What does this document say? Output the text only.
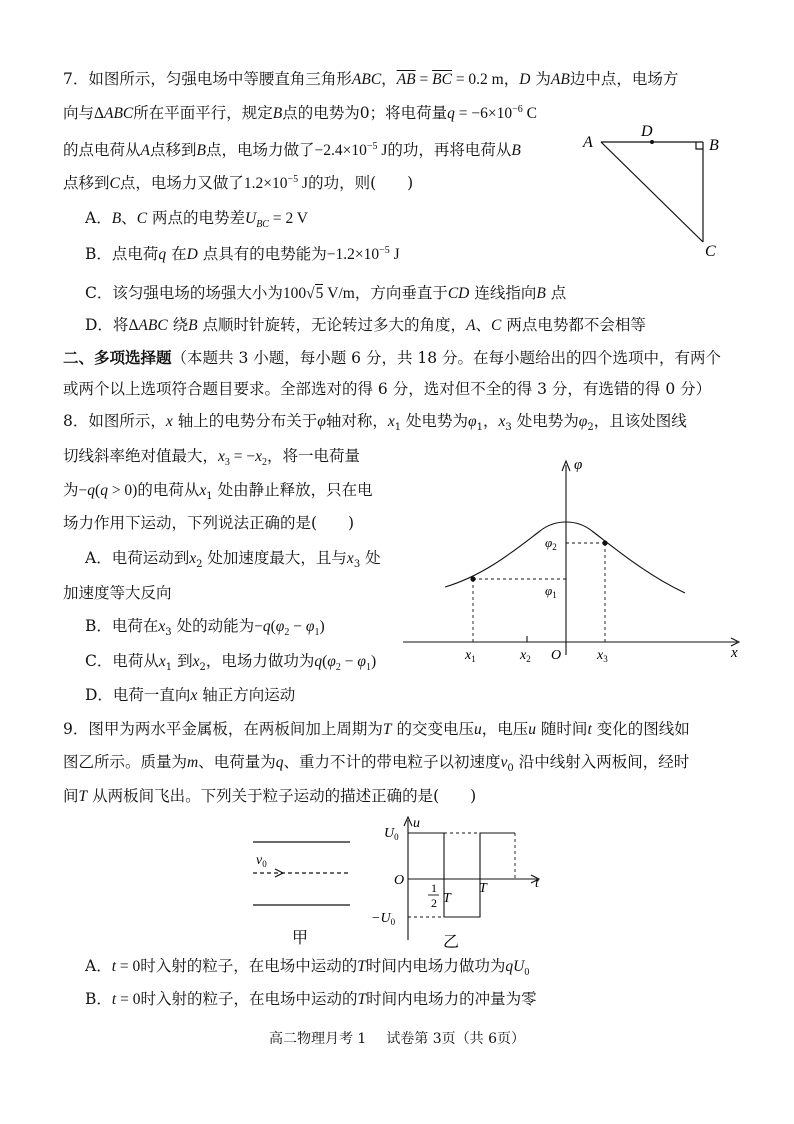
7．如图所示，匀强电场中等腰直角三角形ABC，$\overline{AB} = \overline{BC} = 0.2$ m，D 为AB边中点，电场方
向与ΔABC所在平面平行，规定B点的电势为0；将电荷量$q = -6\times 10^{-6}$ C
的点电荷从A点移到B点，电场力做了$-2.4\times 10^{-5}$ J的功，再将电荷从B
点移到C点，电场力又做了$1.2\times 10^{-5}$ J的功，则(　　)
A．B、C 两点的电势差$U_{BC} = 2$ V
B．点电荷q 在D 点具有的电势能为$-1.2\times 10^{-5}$ J
C．该匀强电场的场强大小为100√5 V/m，方向垂直于CD 连线指向B 点
D．将ΔABC 绕B 点顺时针旋转，无论转过多大的角度，A、C 两点电势都不会相等
A
D
B
C
二、多项选择题（本题共 3 小题，每小题 6 分，共 18 分。在每小题给出的四个选项中，有两个
或两个以上选项符合题目要求。全部选对的得 6 分，选对但不全的得 3 分，有选错的得 0 分）
8．如图所示，x 轴上的电势分布关于φ轴对称，$x_1$ 处电势为$\varphi_1$，$x_3$ 处电势为$\varphi_2$，且该处图线
切线斜率绝对值最大，$x_3 = -x_2$，将一电荷量
为−q(q > 0)的电荷从$x_1$ 处由静止释放，只在电
场力作用下运动，下列说法正确的是(　　)
A．电荷运动到$x_2$ 处加速度最大，且与$x_3$ 处
加速度等大反向
B．电荷在$x_3$ 处的动能为$-q(\varphi_2 - \varphi_1)$
C．电荷从$x_1$ 到$x_2$，电场力做功为$q(\varphi_2 - \varphi_1)$
D．电荷一直向x 轴正方向运动
φ
$\varphi_2$
$\varphi_1$
$x_1$	$x_2$ O	$x_3$	x
9．图甲为两水平金属板，在两板间加上周期为T 的交变电压u，电压u 随时间t 变化的图线如
图乙所示。质量为m、电荷量为q、重力不计的带电粒子以初速度$v_0$ 沿中线射入两板间，经时
间T 从两板间飞出。下列关于粒子运动的描述正确的是(　　)
$v_0$
甲
$U_0$
u
O	t
$-U_0$
1
2 T
T
乙
A．t = 0时入射的粒子，在电场中运动的T时间内电场力做功为$qU_0$
B．t = 0时入射的粒子，在电场中运动的T时间内电场力的冲量为零
高二物理月考 1 试卷第 3页（共 6页）
